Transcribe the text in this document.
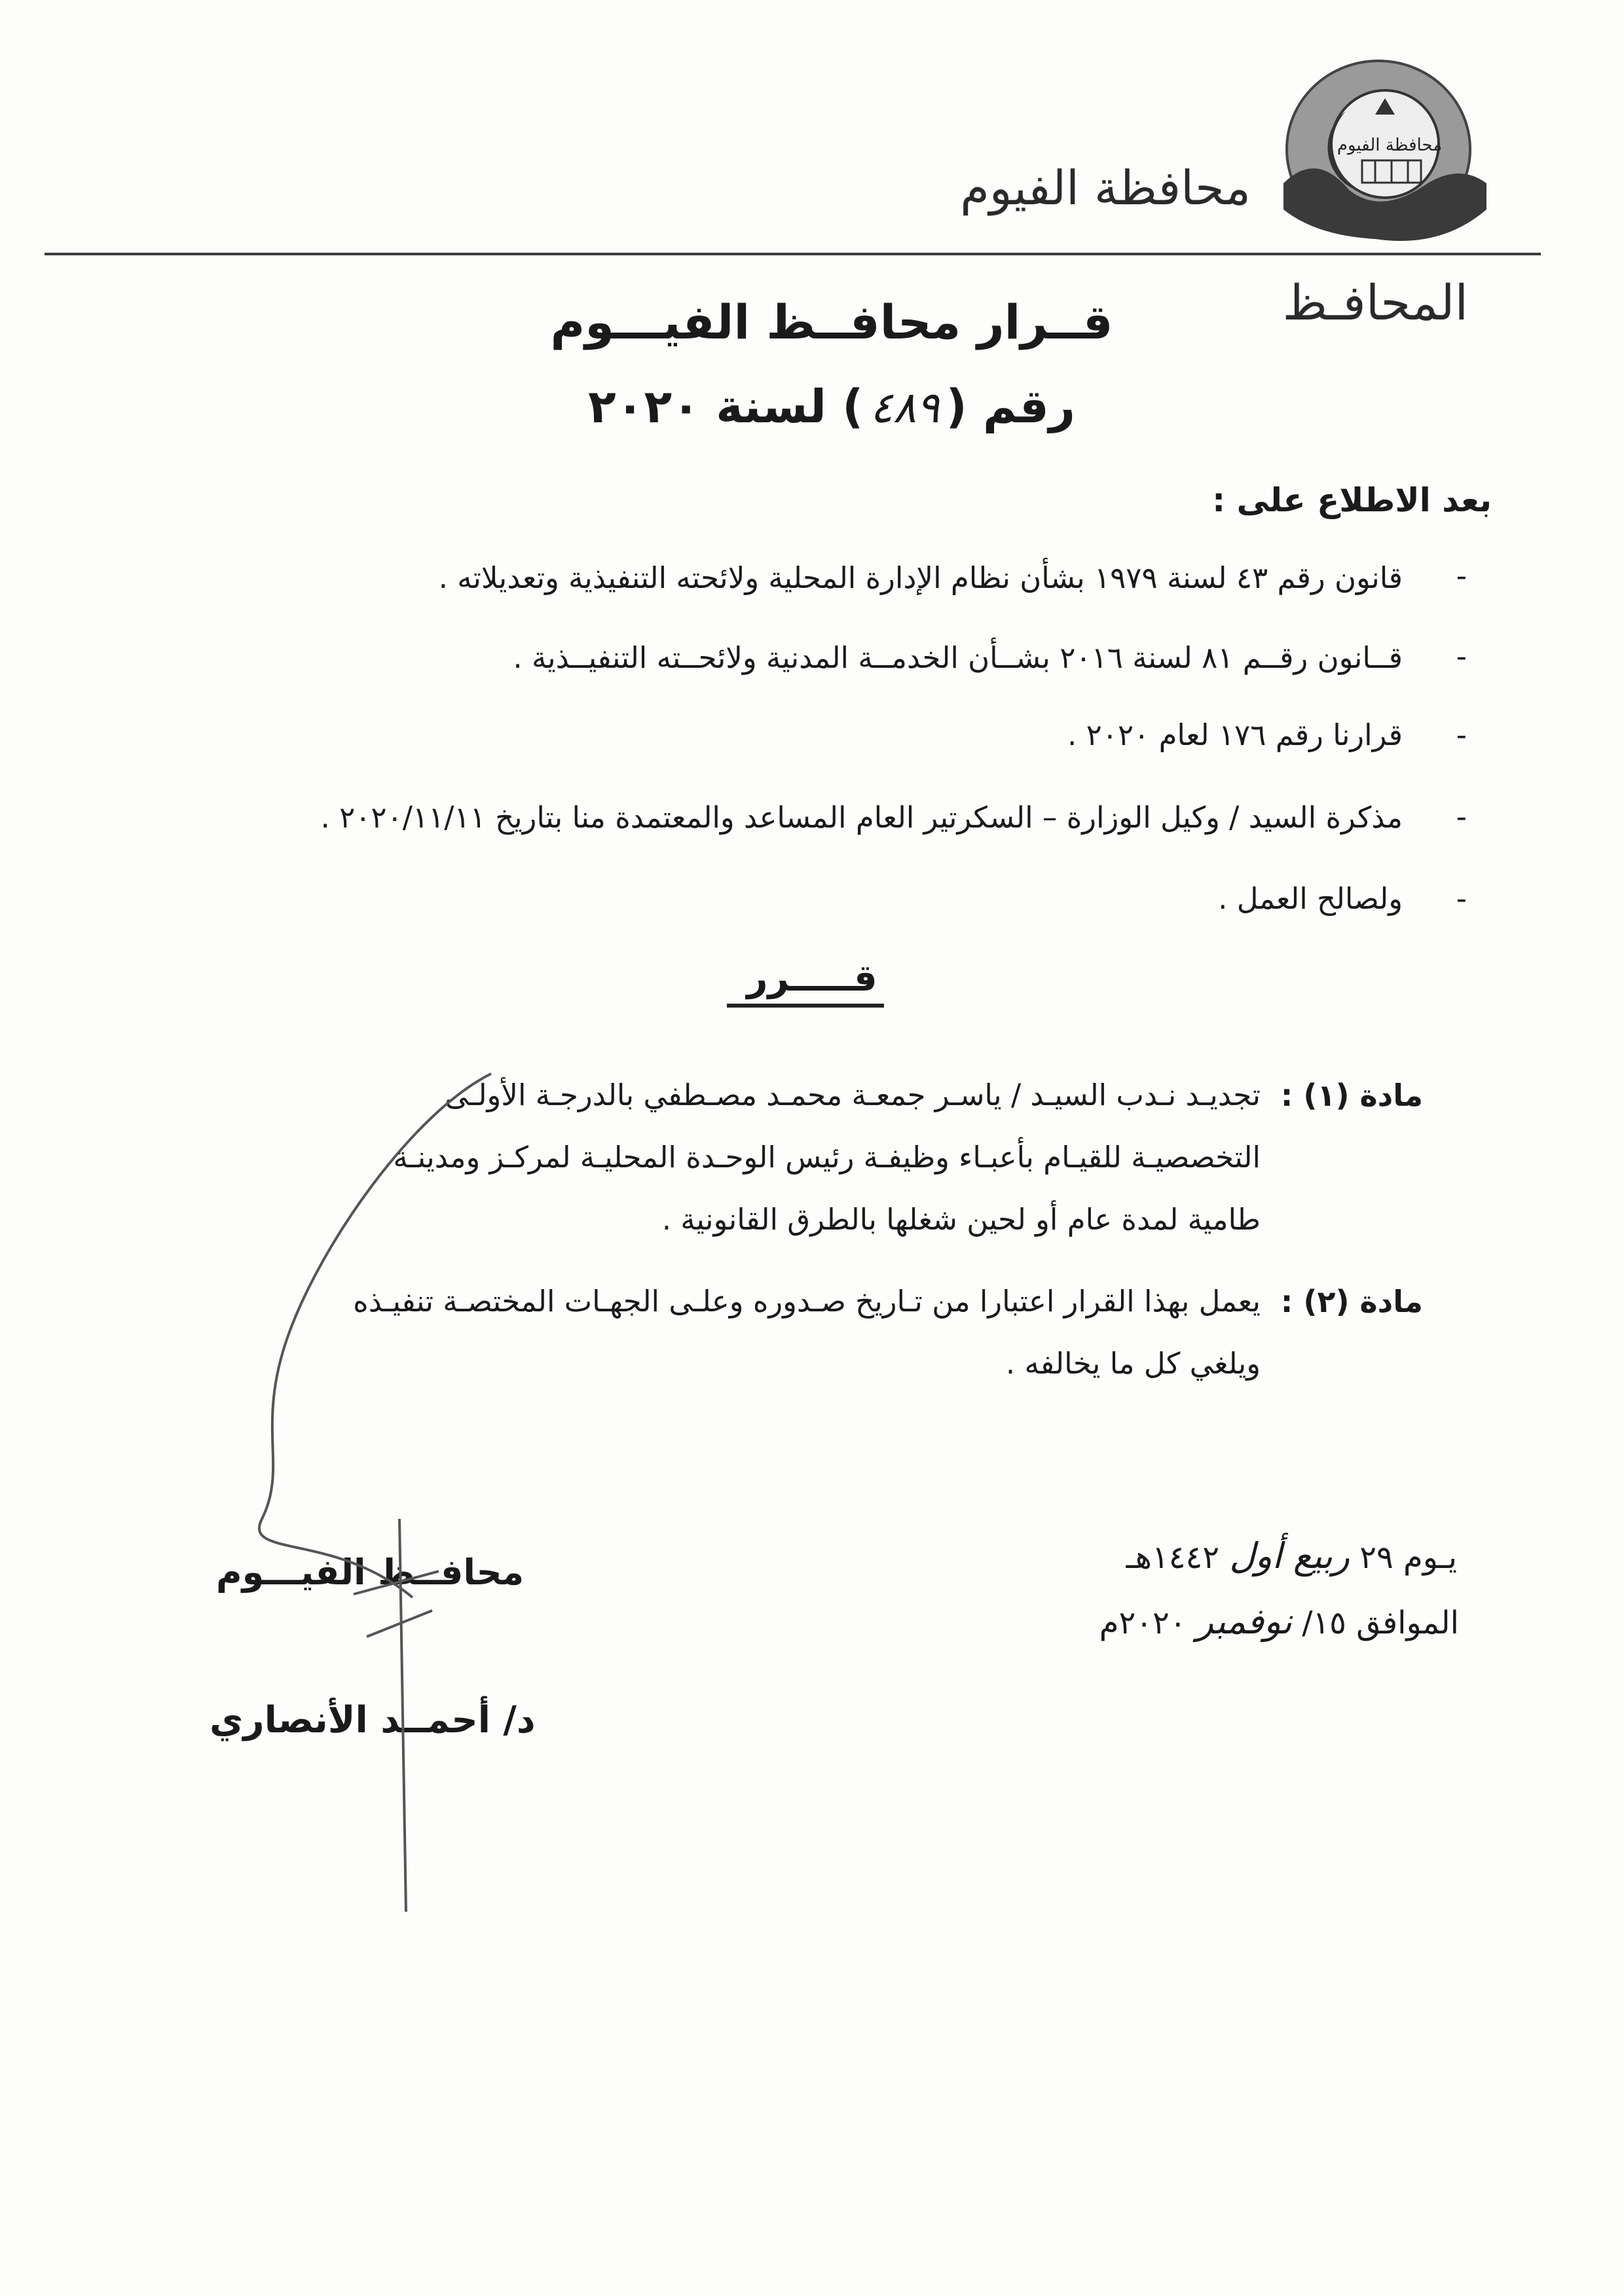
محافظة الفيوم
محافظة الفيوم
المحافـظ
قــرار محافــظ الفيـــوم
رقم (٤٨٩) لسنة ٢٠٢٠
بعد الاطلاع على :
-
قانون رقم ٤٣ لسنة ١٩٧٩ بشأن نظام الإدارة المحلية ولائحته التنفيذية وتعديلاته .
-
قــانون رقــم ٨١ لسنة ٢٠١٦ بشــأن الخدمــة المدنية ولائحــته التنفيــذية .
-
قرارنا رقم ١٧٦ لعام ٢٠٢٠ .
-
مذكرة السيد / وكيل الوزارة – السكرتير العام المساعد والمعتمدة منا بتاريخ ٢٠٢٠/١١/١١ .
-
ولصالح العمل .
قـــــرر
مادة (١) :
تجديـد نـدب السيـد / ياسـر جمعـة محمـد مصـطفي بالدرجـة الأولـى
التخصصيـة للقيـام بأعبـاء وظيفـة رئيس الوحـدة المحليـة لمركـز ومدينـة
طامية لمدة عام أو لحين شغلها بالطرق القانونية .
مادة (٢) :
يعمل بهذا القرار اعتبارا من تـاريخ صـدوره وعلـى الجهـات المختصـة تنفيـذه
ويلغي كل ما يخالفه .
يـوم ٢٩ ربيع أول ١٤٤٢هـ
الموافق ١٥/ نوفمبر ٢٠٢٠م
محافــظ الفيـــوم
د/ أحمــد الأنصاري
